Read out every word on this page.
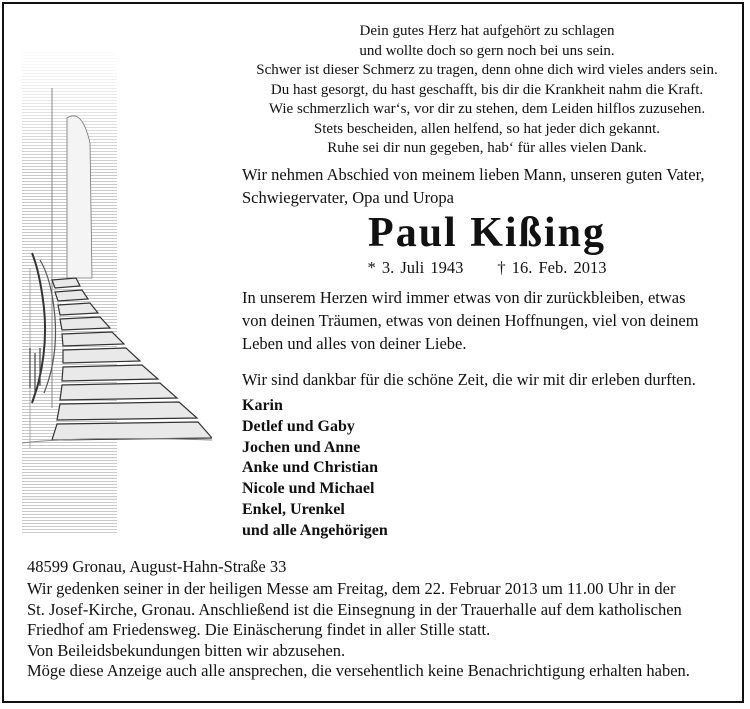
Dein gutes Herz hat aufgehört zu schlagen
und wollte doch so gern noch bei uns sein.
Schwer ist dieser Schmerz zu tragen, denn ohne dich wird vieles anders sein.
Du hast gesorgt, du hast geschafft, bis dir die Krankheit nahm die Kraft.
Wie schmerzlich war‘s, vor dir zu stehen, dem Leiden hilflos zuzusehen.
Stets bescheiden, allen helfend, so hat jeder dich gekannt.
Ruhe sei dir nun gegeben, hab‘ für alles vielen Dank.
Wir nehmen Abschied von meinem lieben Mann, unseren guten Vater,
Schwiegervater, Opa und Uropa
Paul Kißing
* 3. Juli 1943 † 16. Feb. 2013
In unserem Herzen wird immer etwas von dir zurückbleiben, etwas
von deinen Träumen, etwas von deinen Hoffnungen, viel von deinem
Leben und alles von deiner Liebe.
Wir sind dankbar für die schöne Zeit, die wir mit dir erleben durften.
Karin
Detlef und Gaby
Jochen und Anne
Anke und Christian
Nicole und Michael
Enkel, Urenkel
und alle Angehörigen
48599 Gronau, August-Hahn-Straße 33
Wir gedenken seiner in der heiligen Messe am Freitag, dem 22. Februar 2013 um 11.00 Uhr in der
St. Josef-Kirche, Gronau. Anschließend ist die Einsegnung in der Trauerhalle auf dem katholischen
Friedhof am Friedensweg. Die Einäscherung findet in aller Stille statt.
Von Beileidsbekundungen bitten wir abzusehen.
Möge diese Anzeige auch alle ansprechen, die versehentlich keine Benachrichtigung erhalten haben.
